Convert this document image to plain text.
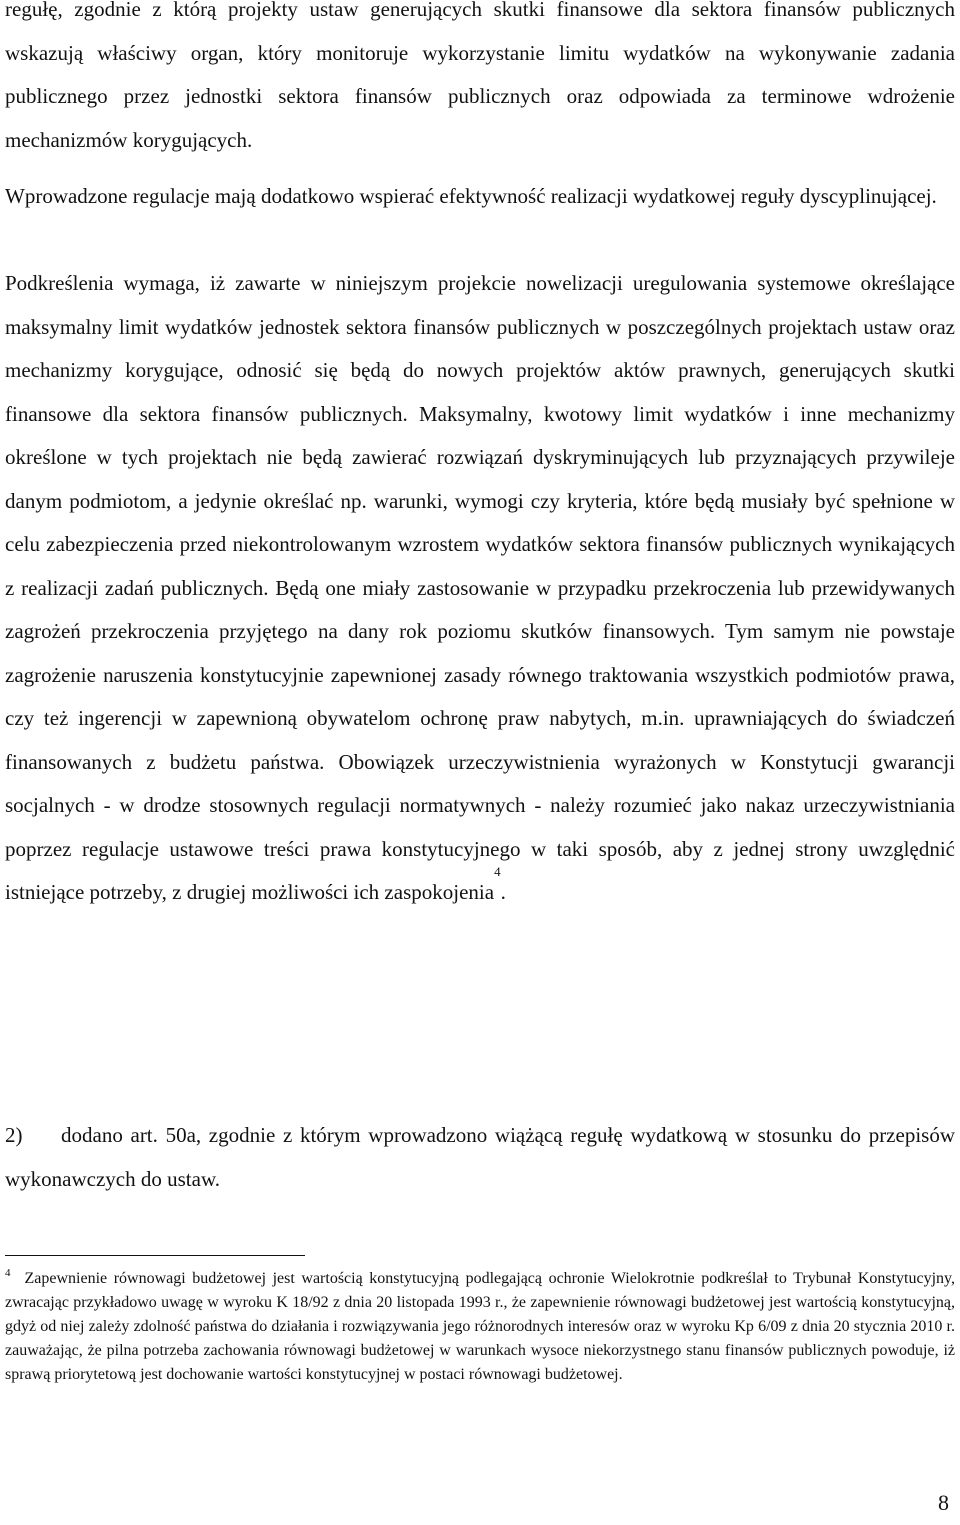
regułę, zgodnie z którą projekty ustaw generujących skutki finansowe dla sektora finansów publicznych wskazują właściwy organ, który monitoruje wykorzystanie limitu wydatków na wykonywanie zadania publicznego przez jednostki sektora finansów publicznych oraz odpowiada za terminowe wdrożenie mechanizmów korygujących.

Wprowadzone regulacje mają dodatkowo wspierać efektywność realizacji wydatkowej reguły dyscyplinującej.

Podkreślenia wymaga, iż zawarte w niniejszym projekcie nowelizacji uregulowania systemowe określające maksymalny limit wydatków jednostek sektora finansów publicznych w poszczególnych projektach ustaw oraz mechanizmy korygujące, odnosić się będą do nowych projektów aktów prawnych, generujących skutki finansowe dla sektora finansów publicznych. Maksymalny, kwotowy limit wydatków i inne mechanizmy określone w tych projektach nie będą zawierać rozwiązań dyskryminujących lub przyznających przywileje danym podmiotom, a jedynie określać np. warunki, wymogi czy kryteria, które będą musiały być spełnione w celu zabezpieczenia przed niekontrolowanym wzrostem wydatków sektora finansów publicznych wynikających z realizacji zadań publicznych. Będą one miały zastosowanie w przypadku przekroczenia lub przewidywanych zagrożeń przekroczenia przyjętego na dany rok poziomu skutków finansowych. Tym samym nie powstaje zagrożenie naruszenia konstytucyjnie zapewnionej zasady równego traktowania wszystkich podmiotów prawa, czy też ingerencji w zapewnioną obywatelom ochronę praw nabytych, m.in. uprawniających do świadczeń finansowanych z budżetu państwa. Obowiązek urzeczywistnienia wyrażonych w Konstytucji gwarancji socjalnych - w drodze stosownych regulacji normatywnych - należy rozumieć jako nakaz urzeczywistniania poprzez regulacje ustawowe treści prawa konstytucyjnego w taki sposób, aby z jednej strony uwzględnić istniejące potrzeby, z drugiej możliwości ich zaspokojenia$^4$.

2) dodano art. 50a, zgodnie z którym wprowadzono wiążącą regułę wydatkową w stosunku do przepisów wykonawczych do ustaw.

$^4$ Zapewnienie równowagi budżetowej jest wartością konstytucyjną podlegającą ochronie Wielokrotnie podkreślał to Trybunał Konstytucyjny, zwracając przykładowo uwagę w wyroku K 18/92 z dnia 20 listopada 1993 r., że zapewnienie równowagi budżetowej jest wartością konstytucyjną, gdyż od niej zależy zdolność państwa do działania i rozwiązywania jego różnorodnych interesów oraz w wyroku Kp 6/09 z dnia 20 stycznia 2010 r. zauważając, że pilna potrzeba zachowania równowagi budżetowej w warunkach wysoce niekorzystnego stanu finansów publicznych powoduje, iż sprawą priorytetową jest dochowanie wartości konstytucyjnej w postaci równowagi budżetowej.

8
